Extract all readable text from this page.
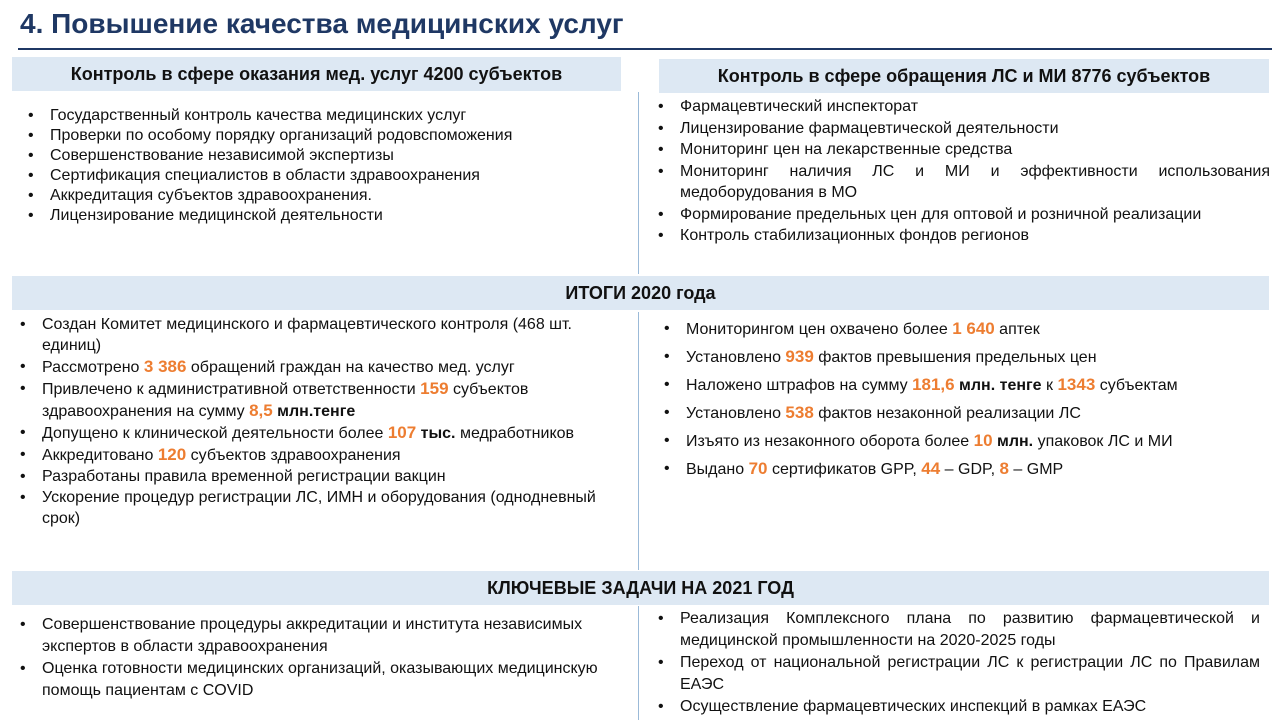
4. Повышение качества медицинских услуг
Контроль в сфере оказания мед. услуг 4200 субъектов	Контроль в сфере обращения ЛС и МИ 8776 субъектов
• Государственный контроль качества медицинских услуг
• Проверки по особому порядку организаций родовспоможения
• Совершенствование независимой экспертизы
• Сертификация специалистов в области здравоохранения
• Аккредитация субъектов здравоохранения.
• Лицензирование медицинской деятельности
• Фармацевтический инспекторат
• Лицензирование фармацевтической деятельности
• Мониторинг цен на лекарственные средства
• Мониторинг наличия ЛС и МИ и эффективности использования медоборудования в МО
• Формирование предельных цен для оптовой и розничной реализации
• Контроль стабилизационных фондов регионов
ИТОГИ 2020 года
• Создан Комитет медицинского и фармацевтического контроля (468 шт. единиц)
• Рассмотрено 3 386 обращений граждан на качество мед. услуг
• Привлечено к административной ответственности 159 субъектов здравоохранения на сумму 8,5 млн.тенге
• Допущено к клинической деятельности более 107 тыс. медработников
• Аккредитовано 120 субъектов здравоохранения
• Разработаны правила временной регистрации вакцин
• Ускорение процедур регистрации ЛС, ИМН и оборудования (однодневный срок)
• Мониторингом цен охвачено более 1 640 аптек
• Установлено 939 фактов превышения предельных цен
• Наложено штрафов на сумму 181,6 млн. тенге к 1343 субъектам
• Установлено 538 фактов незаконной реализации ЛС
• Изъято из незаконного оборота более 10 млн. упаковок ЛС и МИ
• Выдано 70 сертификатов GPP, 44 – GDP, 8 – GMP
КЛЮЧЕВЫЕ ЗАДАЧИ НА 2021 ГОД
• Совершенствование процедуры аккредитации и института независимых экспертов в области здравоохранения
• Оценка готовности медицинских организаций, оказывающих медицинскую помощь пациентам с COVID
• Реализация Комплексного плана по развитию фармацевтической и медицинской промышленности на 2020-2025 годы
• Переход от национальной регистрации ЛС к регистрации ЛС по Правилам ЕАЭС
• Осуществление фармацевтических инспекций в рамках ЕАЭС
